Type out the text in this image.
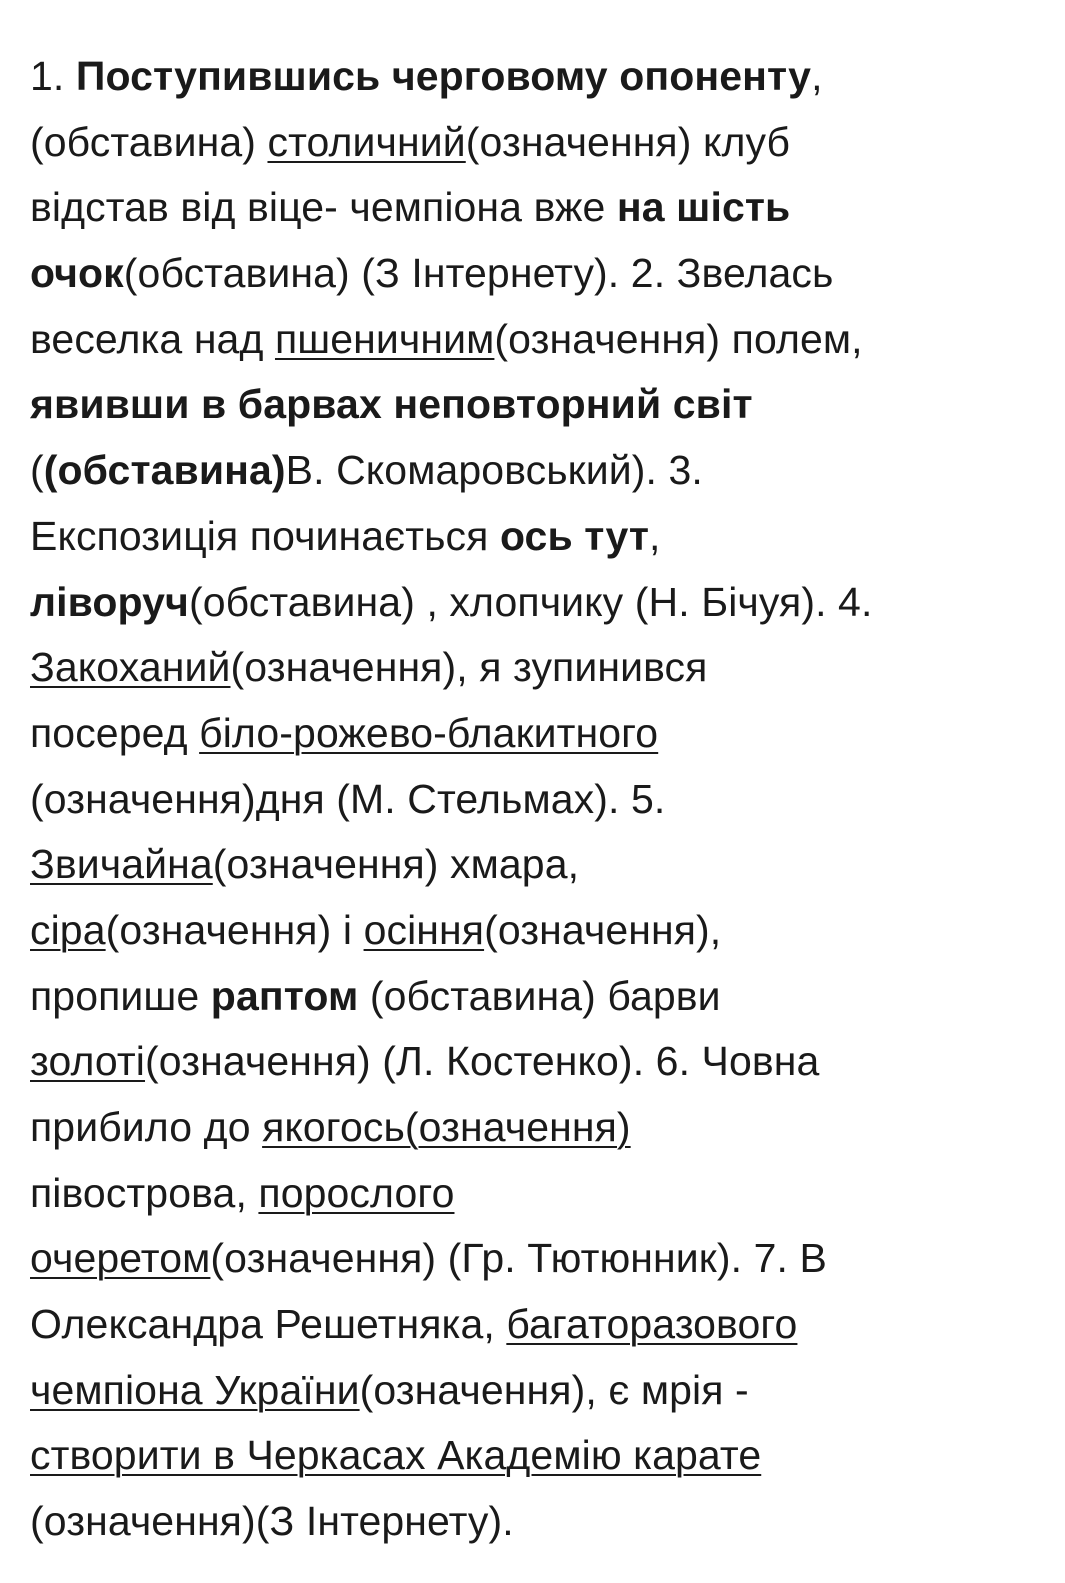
1. Поступившись черговому опоненту,
(обставина) столичний(означення) клуб
відстав від віце- чемпіона вже на шість
очок(обставина) (З Інтернету). 2. Звелась
веселка над пшеничним(означення) полем,
явивши в барвах неповторний світ
((обставина)В. Скомаровський). 3.
Експозиція починається ось тут,
ліворуч(обставина) , хлопчику (Н. Бічуя). 4.
Закоханий(означення), я зупинився
посеред біло-рожево-блакитного
(означення)дня (М. Стельмах). 5.
Звичайна(означення) хмара,
сіра(означення) і осіння(означення),
пропише раптом (обставина) барви
золоті(означення) (Л. Костенко). 6. Човна
прибило до якогось(означення)
півострова, порослого
очеретом(означення) (Гр. Тютюнник). 7. В
Олександра Решетняка, багаторазового
чемпіона України(означення), є мрія -
створити в Черкасах Академію карате
(означення)(З Інтернету).
